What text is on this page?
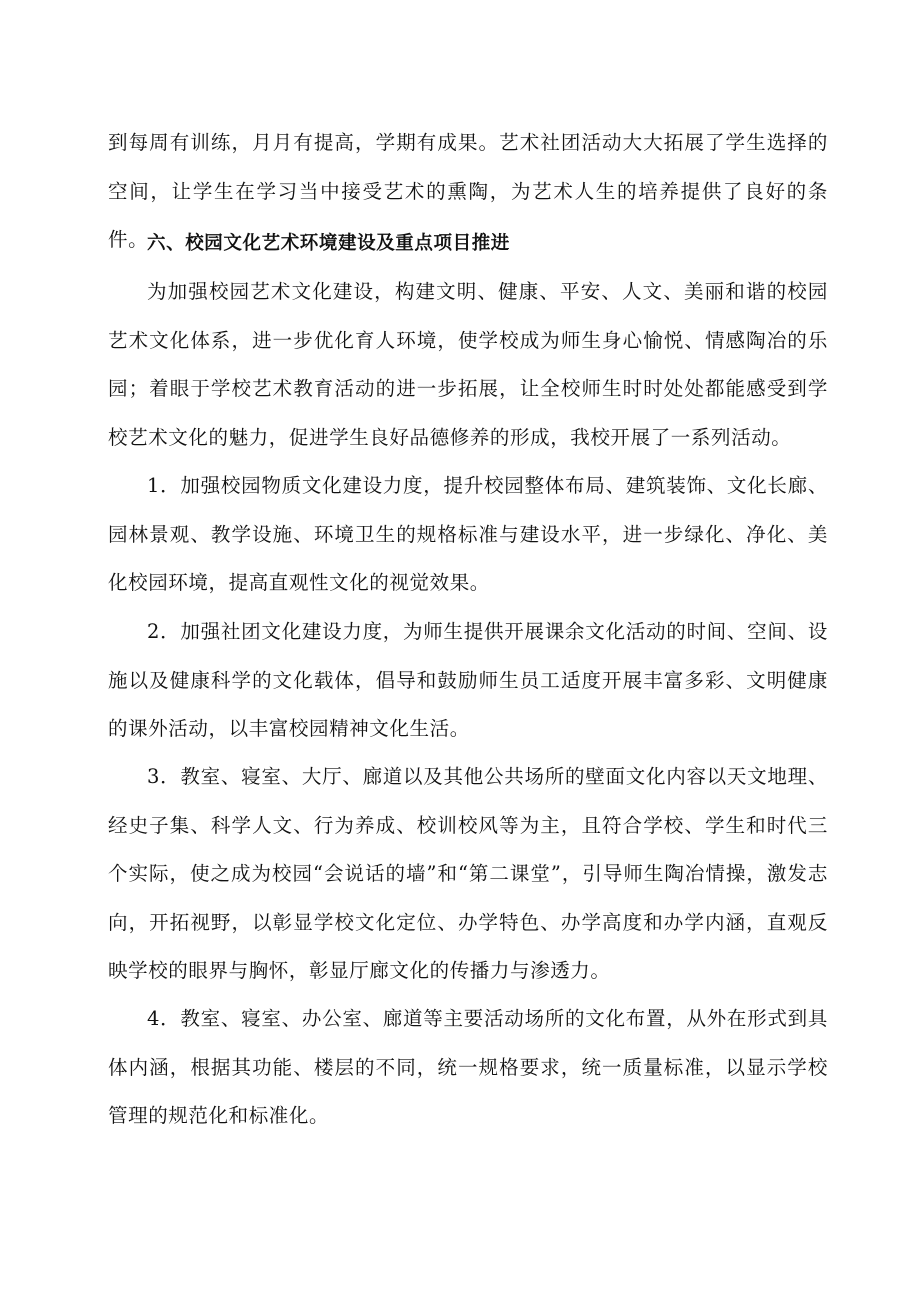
到每周有训练，月月有提高，学期有成果。艺术社团活动大大拓展了学生选择的空间，让学生在学习当中接受艺术的熏陶，为艺术人生的培养提供了良好的条件。

六、校园文化艺术环境建设及重点项目推进

为加强校园艺术文化建设，构建文明、健康、平安、人文、美丽和谐的校园艺术文化体系，进一步优化育人环境，使学校成为师生身心愉悦、情感陶冶的乐园；着眼于学校艺术教育活动的进一步拓展，让全校师生时时处处都能感受到学校艺术文化的魅力，促进学生良好品德修养的形成，我校开展了一系列活动。

1．加强校园物质文化建设力度，提升校园整体布局、建筑装饰、文化长廊、园林景观、教学设施、环境卫生的规格标准与建设水平，进一步绿化、净化、美化校园环境，提高直观性文化的视觉效果。

2．加强社团文化建设力度，为师生提供开展课余文化活动的时间、空间、设施以及健康科学的文化载体，倡导和鼓励师生员工适度开展丰富多彩、文明健康的课外活动，以丰富校园精神文化生活。

3．教室、寝室、大厅、廊道以及其他公共场所的壁面文化内容以天文地理、经史子集、科学人文、行为养成、校训校风等为主，且符合学校、学生和时代三个实际，使之成为校园“会说话的墙”和“第二课堂”，引导师生陶冶情操，激发志向，开拓视野，以彰显学校文化定位、办学特色、办学高度和办学内涵，直观反映学校的眼界与胸怀，彰显厅廊文化的传播力与渗透力。

4．教室、寝室、办公室、廊道等主要活动场所的文化布置，从外在形式到具体内涵，根据其功能、楼层的不同，统一规格要求，统一质量标准，以显示学校管理的规范化和标准化。
